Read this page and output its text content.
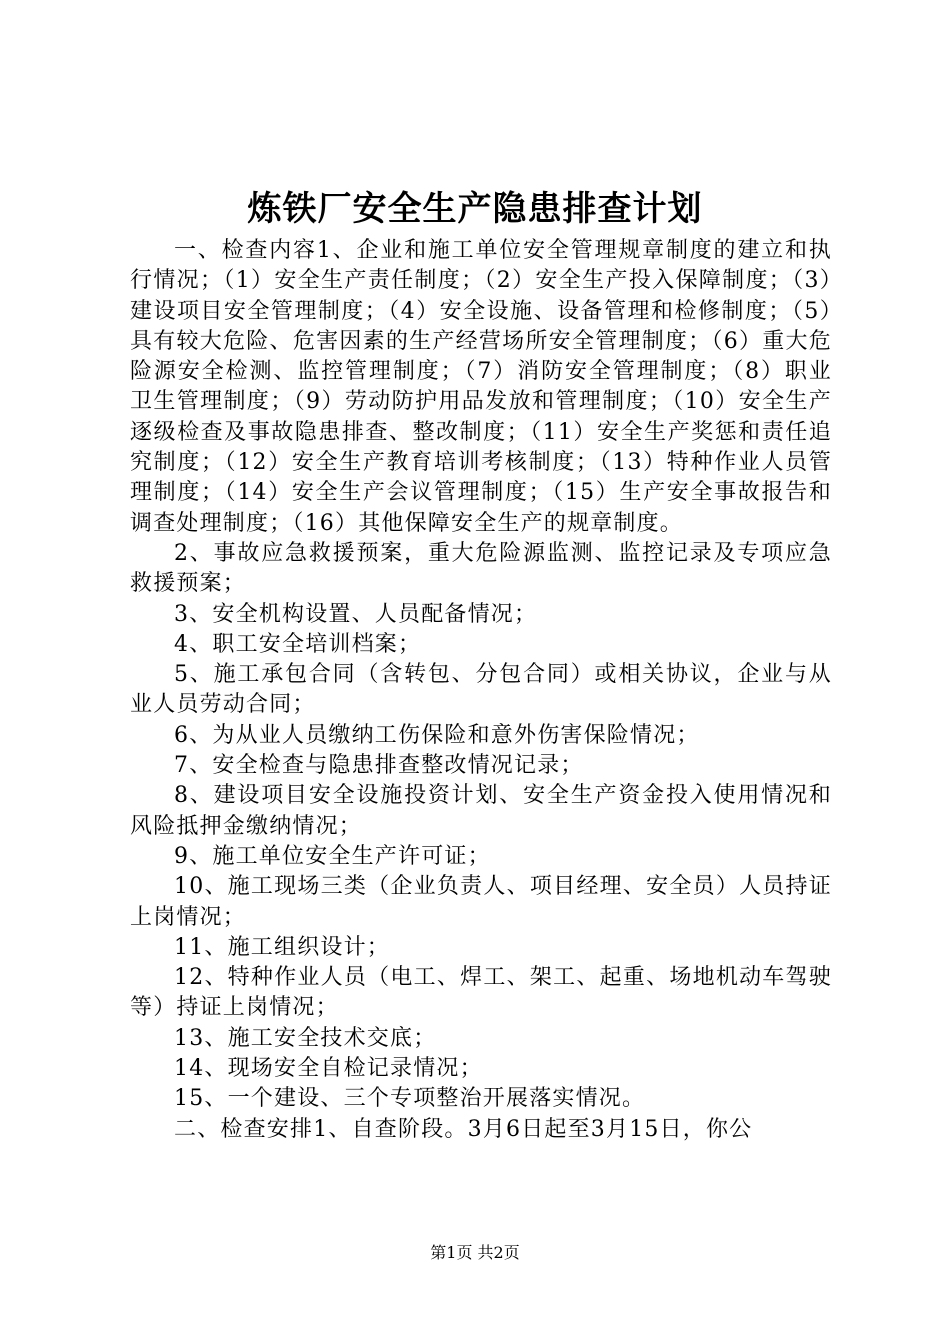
炼铁厂安全生产隐患排查计划

一、检查内容1、企业和施工单位安全管理规章制度的建立和执行情况；（1）安全生产责任制度；（2）安全生产投入保障制度；（3）建设项目安全管理制度；（4）安全设施、设备管理和检修制度；（5）具有较大危险、危害因素的生产经营场所安全管理制度；（6）重大危险源安全检测、监控管理制度；（7）消防安全管理制度；（8）职业卫生管理制度；（9）劳动防护用品发放和管理制度；（10）安全生产逐级检查及事故隐患排查、整改制度；（11）安全生产奖惩和责任追究制度；（12）安全生产教育培训考核制度；（13）特种作业人员管理制度；（14）安全生产会议管理制度；（15）生产安全事故报告和调查处理制度；（16）其他保障安全生产的规章制度。

2、事故应急救援预案，重大危险源监测、监控记录及专项应急救援预案；

3、安全机构设置、人员配备情况；

4、职工安全培训档案；

5、施工承包合同（含转包、分包合同）或相关协议，企业与从业人员劳动合同；

6、为从业人员缴纳工伤保险和意外伤害保险情况；

7、安全检查与隐患排查整改情况记录；

8、建设项目安全设施投资计划、安全生产资金投入使用情况和风险抵押金缴纳情况；

9、施工单位安全生产许可证；

10、施工现场三类（企业负责人、项目经理、安全员）人员持证上岗情况；

11、施工组织设计；

12、特种作业人员（电工、焊工、架工、起重、场地机动车驾驶等）持证上岗情况；

13、施工安全技术交底；

14、现场安全自检记录情况；

15、一个建设、三个专项整治开展落实情况。

二、检查安排1、自查阶段。3月6日起至3月15日，你公

第1页 共2页
